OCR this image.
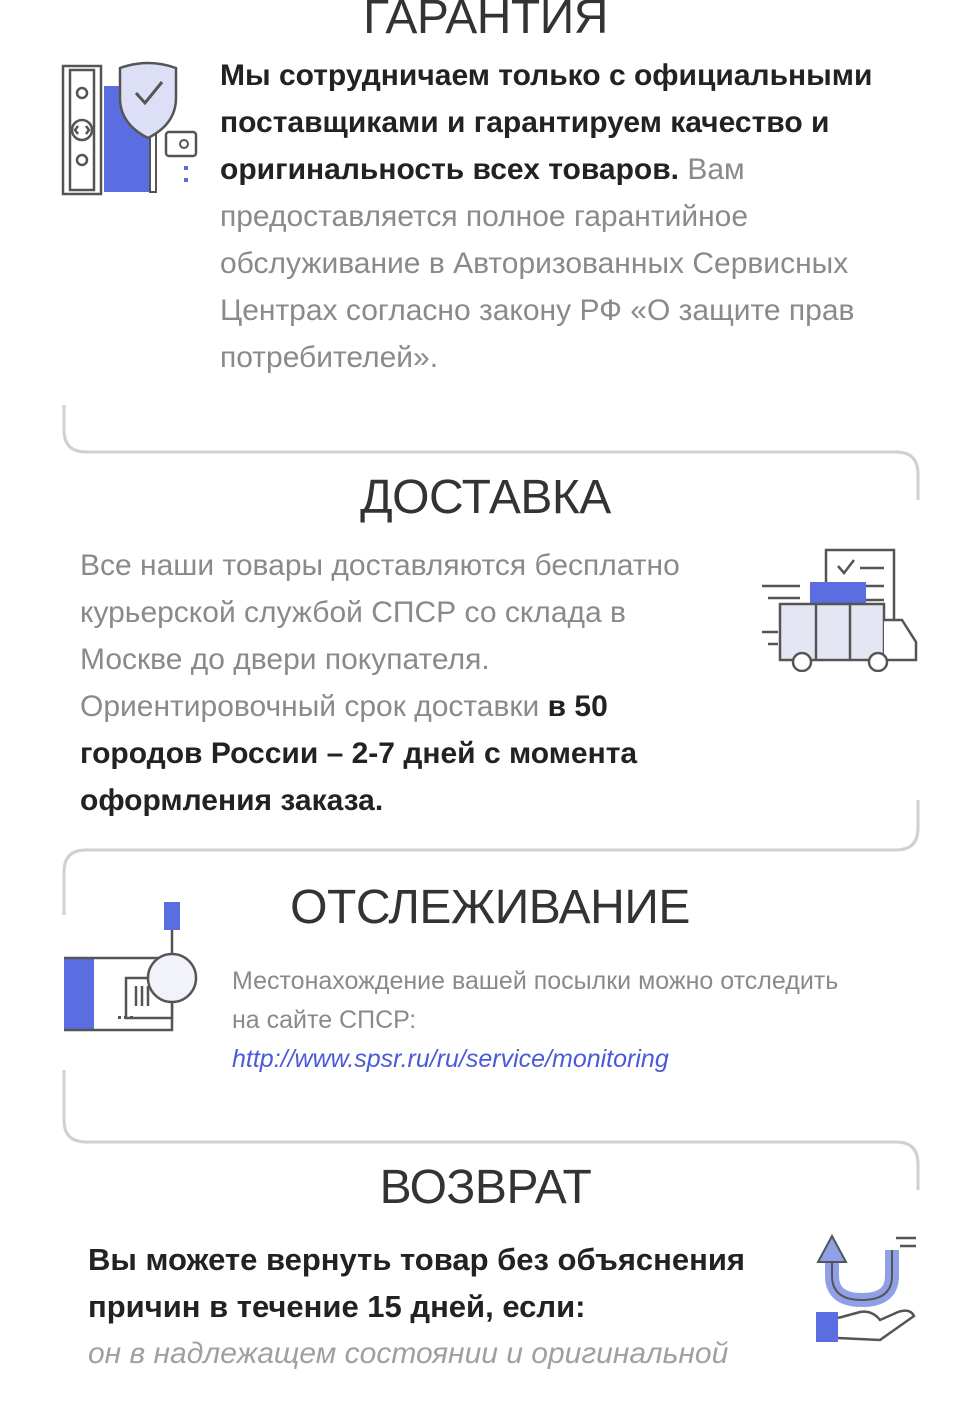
ГАРАНТИЯ

Мы сотрудничаем только с официальными поставщиками и гарантируем качество и оригинальность всех товаров. Вам предоставляется полное гарантийное обслуживание в Авторизованных Сервисных Центрах согласно закону РФ «О защите прав потребителей».

ДОСТАВКА

Все наши товары доставляются бесплатно курьерской службой СПСР со склада в Москве до двери покупателя. Ориентировочный срок доставки в 50 городов России – 2-7 дней с момента оформления заказа.

ОТСЛЕЖИВАНИЕ
Местонахождение вашей посылки можно отследить на сайте СПСР:
http://www.spsr.ru/ru/service/monitoring
ВОЗВРАТ

Вы можете вернуть товар без объяснения причин в течение 15 дней, если:

он в надлежащем состоянии и оригинальной
